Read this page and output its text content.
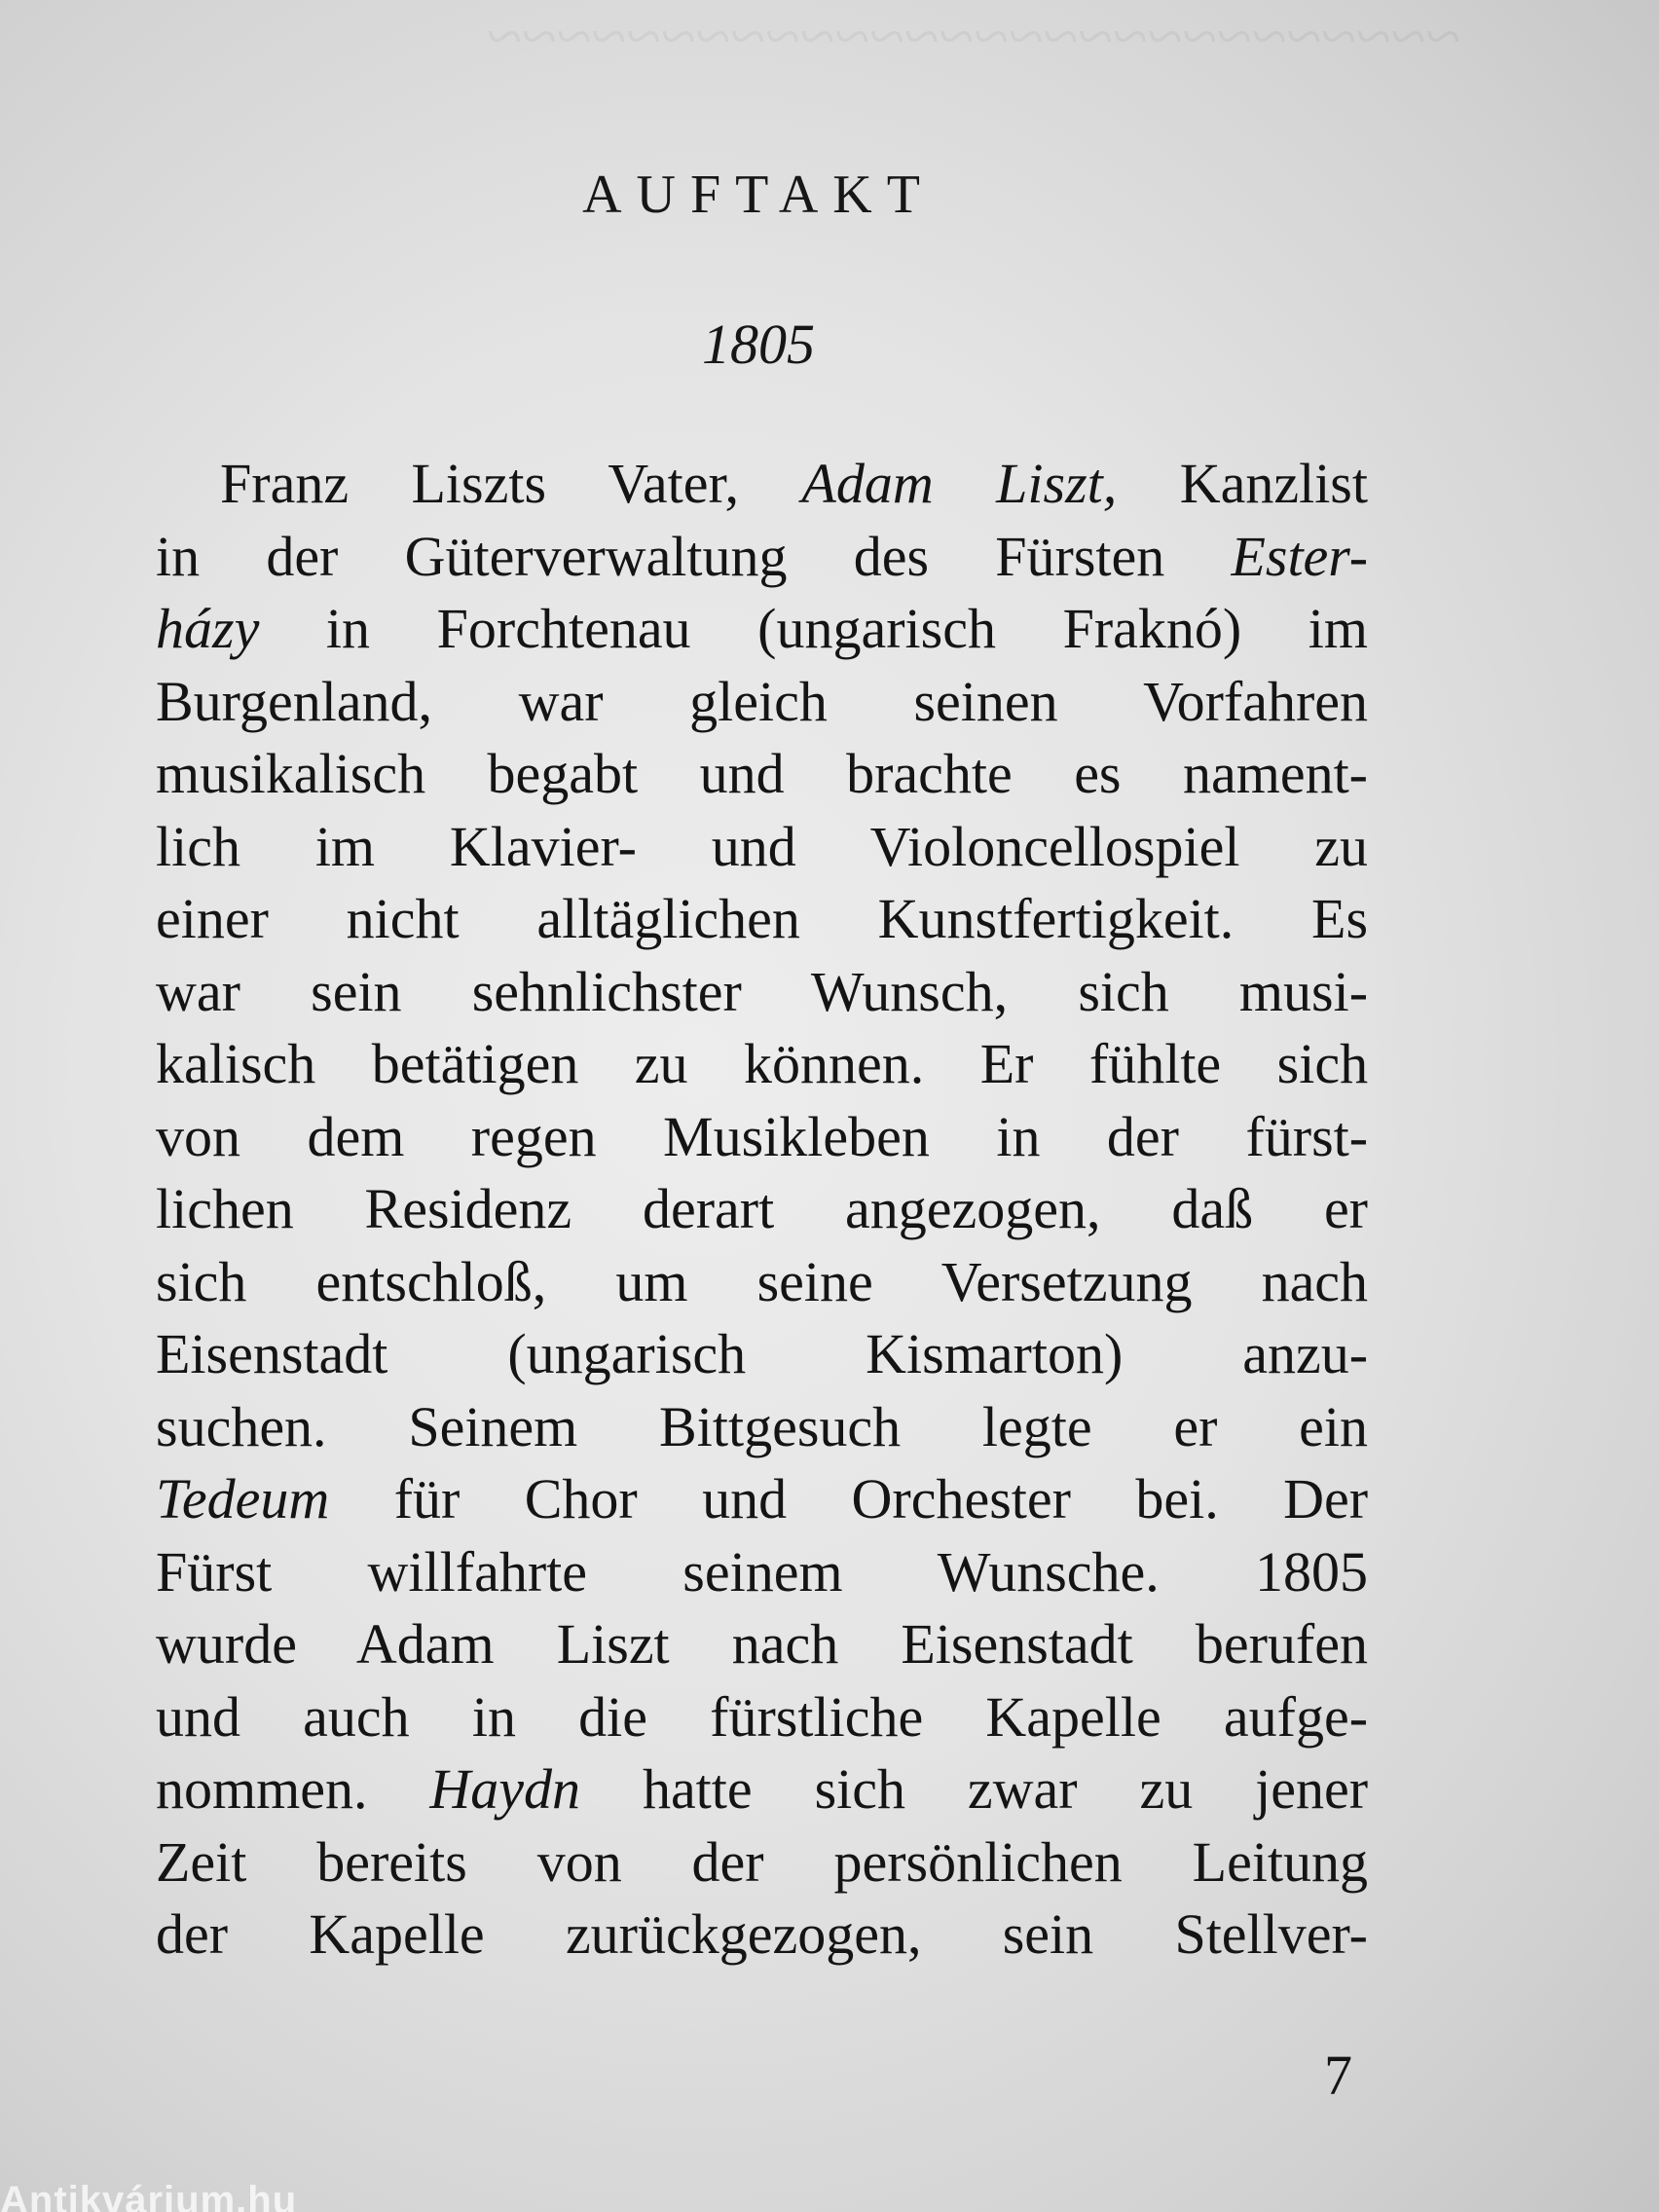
~~~~~~~~~~~~~~~~~~~~~~~~~~~~
AUFTAKT
1805
Franz Liszts Vater, Adam Liszt, Kanzlist
in der Güterverwaltung des Fürsten Ester-
házy in Forchtenau (ungarisch Fraknó) im
Burgenland, war gleich seinen Vorfahren
musikalisch begabt und brachte es nament-
lich im Klavier- und Violoncellospiel zu
einer nicht alltäglichen Kunstfertigkeit. Es
war sein sehnlichster Wunsch, sich musi-
kalisch betätigen zu können. Er fühlte sich
von dem regen Musikleben in der fürst-
lichen Residenz derart angezogen, daß er
sich entschloß, um seine Versetzung nach
Eisenstadt (ungarisch Kismarton) anzu-
suchen. Seinem Bittgesuch legte er ein
Tedeum für Chor und Orchester bei. Der
Fürst willfahrte seinem Wunsche. 1805
wurde Adam Liszt nach Eisenstadt berufen
und auch in die fürstliche Kapelle aufge-
nommen. Haydn hatte sich zwar zu jener
Zeit bereits von der persönlichen Leitung
der Kapelle zurückgezogen, sein Stellver-
7
Antikvárium.hu
